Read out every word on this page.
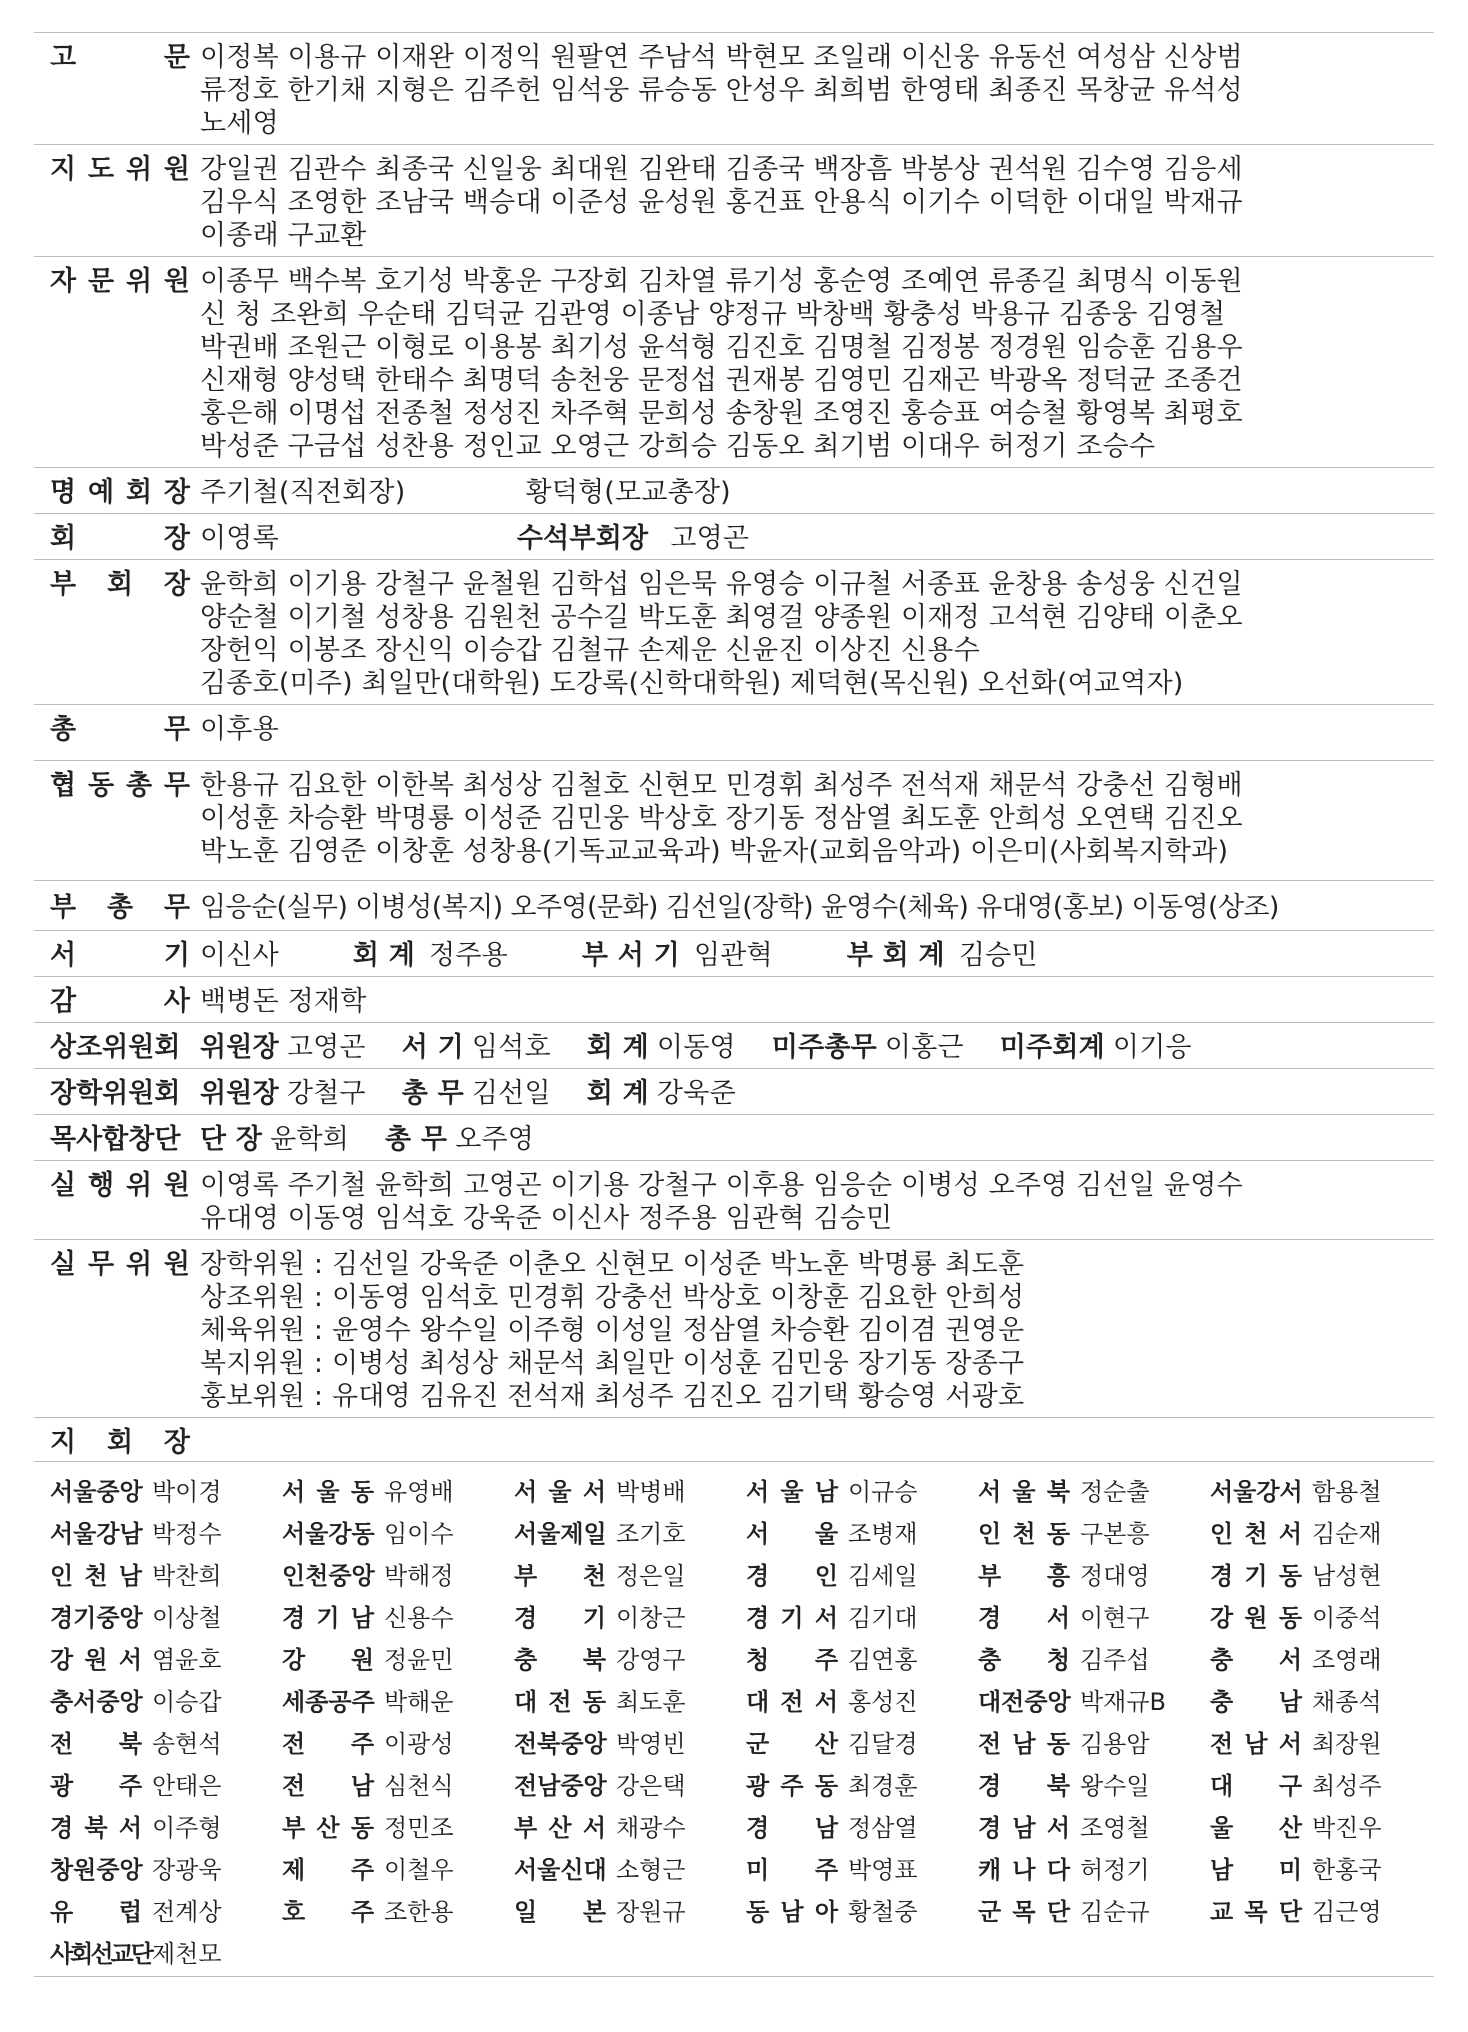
고	문 이정복 이용규 이재완 이정익 원팔연 주남석 박현모 조일래 이신웅 유동선 여성삼 신상범
류정호 한기채 지형은 김주헌 임석웅 류승동 안성우 최희범 한영태 최종진 목창균 유석성
노세영
지 도 위 원 강일권 김관수 최종국 신일웅 최대원 김완태 김종국 백장흠 박봉상 권석원 김수영 김응세
김우식 조영한 조남국 백승대 이준성 윤성원 홍건표 안용식 이기수 이덕한 이대일 박재규
이종래 구교환
자 문 위 원 이종무 백수복 호기성 박홍운 구장회 김차열 류기성 홍순영 조예연 류종길 최명식 이동원
신 청 조완희 우순태 김덕균 김관영 이종남 양정규 박창백 황충성 박용규 김종웅 김영철
박권배 조원근 이형로 이용봉 최기성 윤석형 김진호 김명철 김정봉 정경원 임승훈 김용우
신재형 양성택 한태수 최명덕 송천웅 문정섭 권재봉 김영민 김재곤 박광옥 정덕균 조종건
홍은해 이명섭 전종철 정성진 차주혁 문희성 송창원 조영진 홍승표 여승철 황영복 최평호
박성준 구금섭 성찬용 정인교 오영근 강희승 김동오 최기범 이대우 허정기 조승수
명 예 회 장 주기철(직전회장)	황덕형(모교총장)
회	장 이영록	수석부회장 고영곤
부 회 장 윤학희 이기용 강철구 윤철원 김학섭 임은묵 유영승 이규철 서종표 윤창용 송성웅 신건일
양순철 이기철 성창용 김원천 공수길 박도훈 최영걸 양종원 이재정 고석현 김양태 이춘오
장헌익 이봉조 장신익 이승갑 김철규 손제운 신윤진 이상진 신용수
김종호(미주) 최일만(대학원) 도강록(신학대학원) 제덕현(목신원) 오선화(여교역자)
총	무 이후용
협 동 총 무 한용규 김요한 이한복 최성상 김철호 신현모 민경휘 최성주 전석재 채문석 강충선 김형배
이성훈 차승환 박명룡 이성준 김민웅 박상호 장기동 정삼열 최도훈 안희성 오연택 김진오
박노훈 김영준 이창훈 성창용(기독교교육과) 박윤자(교회음악과) 이은미(사회복지학과)
부 총 무 임응순(실무) 이병성(복지) 오주영(문화) 김선일(장학) 윤영수(체육) 유대영(홍보) 이동영(상조)
서	기 이신사	회 계 정주용	부 서 기 임관혁	부 회 계 김승민
감	사 백병돈 정재학
상조위원회 위원장 고영곤 서 기 임석호 회 계 이동영 미주총무 이홍근 미주회계 이기응
장학위원회 위원장 강철구 총 무 김선일 회 계 강욱준
목사합창단 단 장 윤학희 총 무 오주영
실 행 위 원 이영록 주기철 윤학희 고영곤 이기용 강철구 이후용 임응순 이병성 오주영 김선일 윤영수
유대영 이동영 임석호 강욱준 이신사 정주용 임관혁 김승민
실 무 위 원 장학위원 : 김선일 강욱준 이춘오 신현모 이성준 박노훈 박명룡 최도훈
상조위원 : 이동영 임석호 민경휘 강충선 박상호 이창훈 김요한 안희성
체육위원 : 윤영수 왕수일 이주형 이성일 정삼열 차승환 김이겸 권영운
복지위원 : 이병성 최성상 채문석 최일만 이성훈 김민웅 장기동 장종구
홍보위원 : 유대영 김유진 전석재 최성주 김진오 김기택 황승영 서광호
지 회 장
서울중앙 박이경	서 울 동 유영배	서 울 서 박병배	서 울 남 이규승	서 울 북 정순출	서울강서 함용철
서울강남 박정수	서울강동 임이수	서울제일 조기호	서 울 조병재	인 천 동 구본흥	인 천 서 김순재
인 천 남 박찬희	인천중앙 박해정	부 천 정은일	경 인 김세일	부 흥 정대영	경 기 동 남성현
경기중앙 이상철	경 기 남 신용수	경 기 이창근	경 기 서 김기대	경 서 이현구	강 원 동 이중석
강 원 서 염윤호	강 원 정윤민	충 북 강영구	청 주 김연홍	충 청 김주섭	충 서 조영래
충서중앙 이승갑	세종공주 박해운	대 전 동 최도훈	대 전 서 홍성진	대전중앙 박재규B	충 남 채종석
전 북 송현석	전 주 이광성	전북중앙 박영빈	군 산 김달경	전 남 동 김용암	전 남 서 최장원
광 주 안태은	전 남 심천식	전남중앙 강은택	광 주 동 최경훈	경 북 왕수일	대 구 최성주
경 북 서 이주형	부 산 동 정민조	부 산 서 채광수	경 남 정삼열	경 남 서 조영철	울 산 박진우
창원중앙 장광욱	제 주 이철우	서울신대 소형근	미 주 박영표	캐 나 다 허정기	남 미 한홍국
유 럽 전계상	호 주 조한용	일 본 장원규	동 남 아 황철중	군 목 단 김순규	교 목 단 김근영
사회선교단 제천모
